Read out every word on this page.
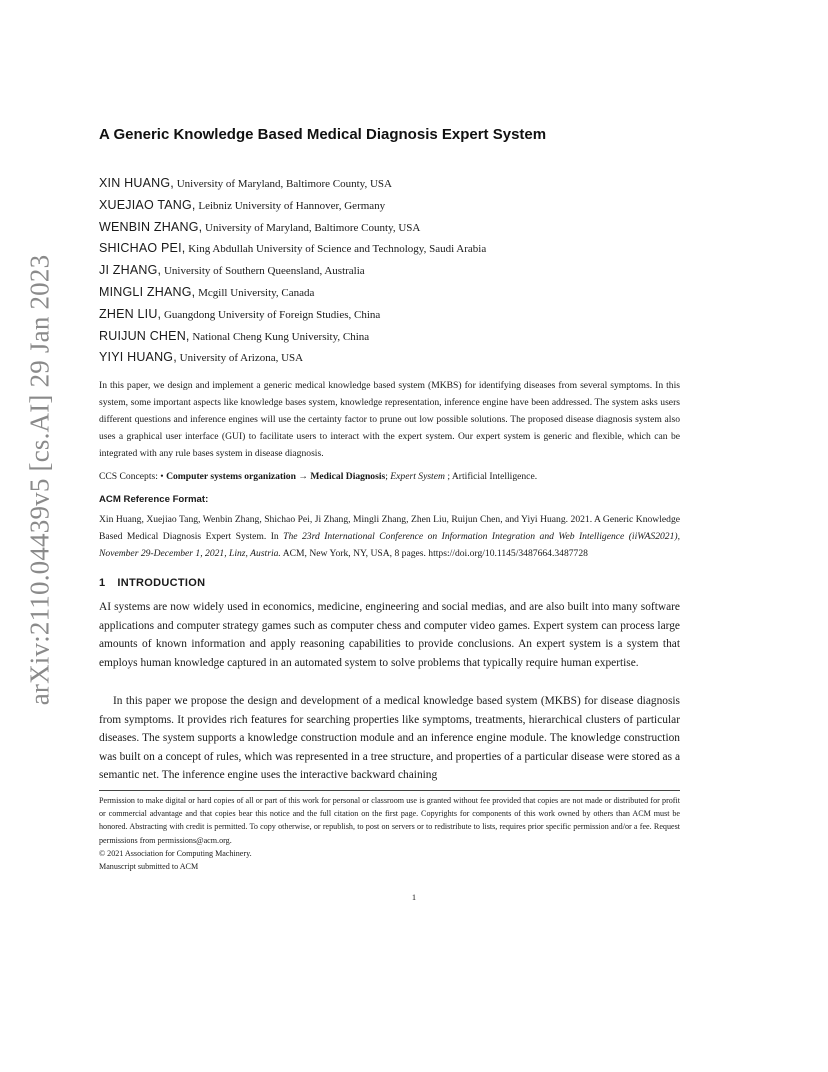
arXiv:2110.04439v5 [cs.AI] 29 Jan 2023
A Generic Knowledge Based Medical Diagnosis Expert System
XIN HUANG, University of Maryland, Baltimore County, USA
XUEJIAO TANG, Leibniz University of Hannover, Germany
WENBIN ZHANG, University of Maryland, Baltimore County, USA
SHICHAO PEI, King Abdullah University of Science and Technology, Saudi Arabia
JI ZHANG, University of Southern Queensland, Australia
MINGLI ZHANG, Mcgill University, Canada
ZHEN LIU, Guangdong University of Foreign Studies, China
RUIJUN CHEN, National Cheng Kung University, China
YIYI HUANG, University of Arizona, USA
In this paper, we design and implement a generic medical knowledge based system (MKBS) for identifying diseases from several symptoms. In this system, some important aspects like knowledge bases system, knowledge representation, inference engine have been addressed. The system asks users different questions and inference engines will use the certainty factor to prune out low possible solutions. The proposed disease diagnosis system also uses a graphical user interface (GUI) to facilitate users to interact with the expert system. Our expert system is generic and flexible, which can be integrated with any rule bases system in disease diagnosis.
CCS Concepts: • Computer systems organization → Medical Diagnosis; Expert System ; Artificial Intelligence.
ACM Reference Format:
Xin Huang, Xuejiao Tang, Wenbin Zhang, Shichao Pei, Ji Zhang, Mingli Zhang, Zhen Liu, Ruijun Chen, and Yiyi Huang. 2021. A Generic Knowledge Based Medical Diagnosis Expert System. In The 23rd International Conference on Information Integration and Web Intelligence (iiWAS2021), November 29-December 1, 2021, Linz, Austria. ACM, New York, NY, USA, 8 pages. https://doi.org/10.1145/3487664.3487728
1 INTRODUCTION
AI systems are now widely used in economics, medicine, engineering and social medias, and are also built into many software applications and computer strategy games such as computer chess and computer video games. Expert system can process large amounts of known information and apply reasoning capabilities to provide conclusions. An expert system is a system that employs human knowledge captured in an automated system to solve problems that typically require human expertise.
In this paper we propose the design and development of a medical knowledge based system (MKBS) for disease diagnosis from symptoms. It provides rich features for searching properties like symptoms, treatments, hierarchical clusters of particular diseases. The system supports a knowledge construction module and an inference engine module. The knowledge construction was built on a concept of rules, which was represented in a tree structure, and properties of a particular disease were stored as a semantic net. The inference engine uses the interactive backward chaining
Permission to make digital or hard copies of all or part of this work for personal or classroom use is granted without fee provided that copies are not made or distributed for profit or commercial advantage and that copies bear this notice and the full citation on the first page. Copyrights for components of this work owned by others than ACM must be honored. Abstracting with credit is permitted. To copy otherwise, or republish, to post on servers or to redistribute to lists, requires prior specific permission and/or a fee. Request permissions from permissions@acm.org.
© 2021 Association for Computing Machinery.
Manuscript submitted to ACM
1
